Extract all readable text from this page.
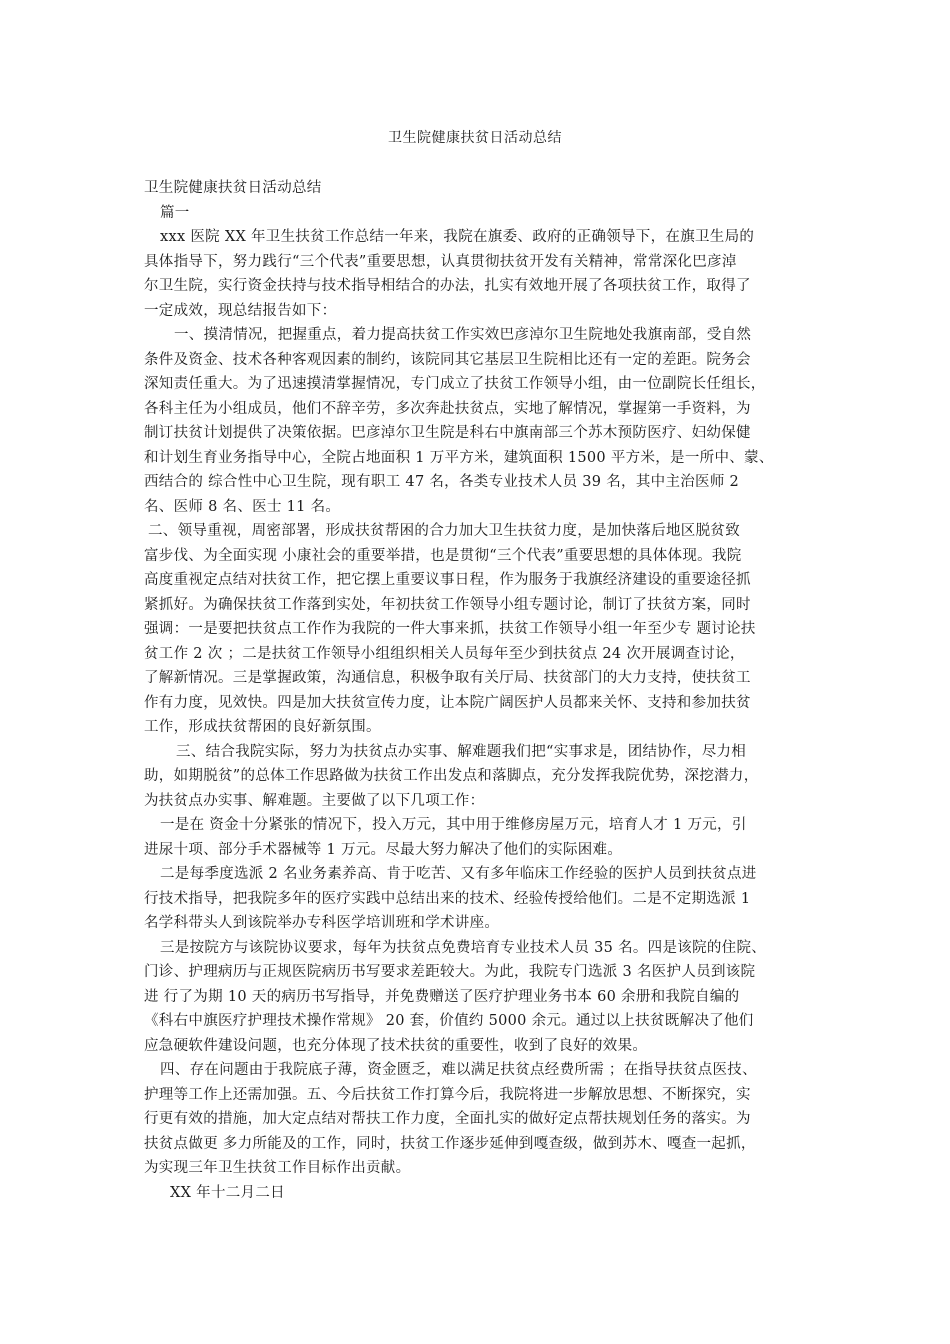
卫生院健康扶贫日活动总结
卫生院健康扶贫日活动总结
篇一
xxx 医院 XX 年卫生扶贫工作总结一年来，我院在旗委、政府的正确领导下，在旗卫生局的
具体指导下，努力践行“三个代表”重要思想，认真贯彻扶贫开发有关精神，常常深化巴彦淖
尔卫生院，实行资金扶持与技术指导相结合的办法，扎实有效地开展了各项扶贫工作，取得了
一定成效，现总结报告如下：
一、摸清情况，把握重点，着力提高扶贫工作实效巴彦淖尔卫生院地处我旗南部，受自然
条件及资金、技术各种客观因素的制约，该院同其它基层卫生院相比还有一定的差距。院务会
深知责任重大。为了迅速摸清掌握情况，专门成立了扶贫工作领导小组，由一位副院长任组长，
各科主任为小组成员，他们不辞辛劳，多次奔赴扶贫点，实地了解情况，掌握第一手资料，为
制订扶贫计划提供了决策依据。巴彦淖尔卫生院是科右中旗南部三个苏木预防医疗、妇幼保健
和计划生育业务指导中心，全院占地面积 1 万平方米，建筑面积 1500 平方米，是一所中、蒙、
西结合的 综合性中心卫生院，现有职工 47 名，各类专业技术人员 39 名，其中主治医师 2
名、医师 8 名、医士 11 名。
二、领导重视，周密部署，形成扶贫帮困的合力加大卫生扶贫力度，是加快落后地区脱贫致
富步伐、为全面实现 小康社会的重要举措，也是贯彻“三个代表”重要思想的具体体现。我院
高度重视定点结对扶贫工作，把它摆上重要议事日程，作为服务于我旗经济建设的重要途径抓
紧抓好。为确保扶贫工作落到实处，年初扶贫工作领导小组专题讨论，制订了扶贫方案，同时
强调：一是要把扶贫点工作作为我院的一件大事来抓，扶贫工作领导小组一年至少专 题讨论扶
贫工作 2 次 ；二是扶贫工作领导小组组织相关人员每年至少到扶贫点 24 次开展调查讨论，
了解新情况。三是掌握政策，沟通信息，积极争取有关厅局、扶贫部门的大力支持，使扶贫工
作有力度，见效快。四是加大扶贫宣传力度，让本院广阔医护人员都来关怀、支持和参加扶贫
工作，形成扶贫帮困的良好新氛围。
三、结合我院实际，努力为扶贫点办实事、解难题我们把“实事求是，团结协作，尽力相
助，如期脱贫”的总体工作思路做为扶贫工作出发点和落脚点，充分发挥我院优势，深挖潜力，
为扶贫点办实事、解难题。主要做了以下几项工作：
一是在 资金十分紧张的情况下，投入万元，其中用于维修房屋万元，培育人才 1 万元，引
进尿十项、部分手术器械等 1 万元。尽最大努力解决了他们的实际困难。
二是每季度选派 2 名业务素养高、肯于吃苦、又有多年临床工作经验的医护人员到扶贫点进
行技术指导，把我院多年的医疗实践中总结出来的技术、经验传授给他们。二是不定期选派 1
名学科带头人到该院举办专科医学培训班和学术讲座。
三是按院方与该院协议要求，每年为扶贫点免费培育专业技术人员 35 名。四是该院的住院、
门诊、护理病历与正规医院病历书写要求差距较大。为此，我院专门选派 3 名医护人员到该院
进 行了为期 10 天的病历书写指导，并免费赠送了医疗护理业务书本 60 余册和我院自编的
《科右中旗医疗护理技术操作常规》 20 套，价值约 5000 余元。通过以上扶贫既解决了他们
应急硬软件建设问题，也充分体现了技术扶贫的重要性，收到了良好的效果。
四、存在问题由于我院底子薄，资金匮乏，难以满足扶贫点经费所需 ；在指导扶贫点医技、
护理等工作上还需加强。五、今后扶贫工作打算今后，我院将进一步解放思想、不断探究，实
行更有效的措施，加大定点结对帮扶工作力度，全面扎实的做好定点帮扶规划任务的落实。为
扶贫点做更 多力所能及的工作，同时，扶贫工作逐步延伸到嘎查级，做到苏木、嘎查一起抓，
为实现三年卫生扶贫工作目标作出贡献。
XX 年十二月二日
